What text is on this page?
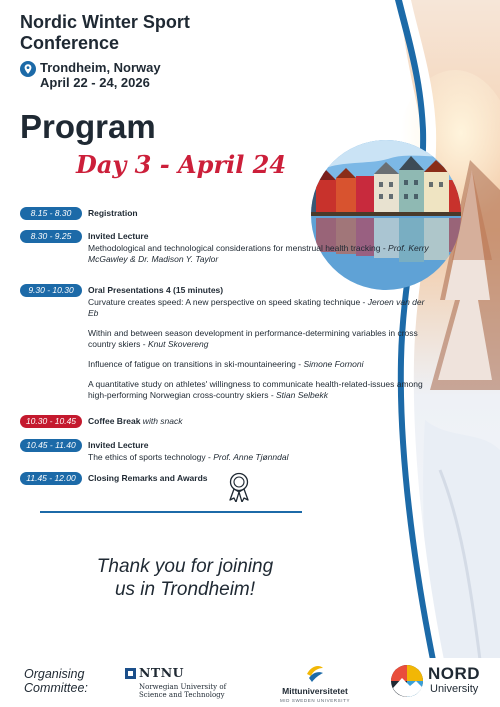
Nordic Winter Sport
Conference
Trondheim, Norway
April 22 - 24, 2026
Program
Day 3 - April 24
8.15 - 8.30	Registration
8.30 - 9.25	Invited Lecture
Methodological and technological considerations for menstrual health tracking - Prof. Kerry McGawley & Dr. Madison Y. Taylor
9.30 - 10.30	Oral Presentations 4 (15 minutes)
Curvature creates speed: A new perspective on speed skating technique - Jeroen van der Eb
Within and between season development in performance-determining variables in cross country skiers - Knut Skovereng
Influence of fatigue on transitions in ski-mountaineering - Simone Fornoni
A quantitative study on athletes' willingness to communicate health-related-issues among high-performing Norwegian cross-country skiers - Stian Selbekk
10.30 - 10.45	Coffee Break with snack
10.45 - 11.40	Invited Lecture
The ethics of sports technology - Prof. Anne Tjønndal
11.45 - 12.00	Closing Remarks and Awards
Thank you for joining
us in Trondheim!
Organising
Committee:
NTNU
Norwegian University of
Science and Technology	Mittuniversitetet
MID SWEDEN UNIVERSITY
NORD
University
